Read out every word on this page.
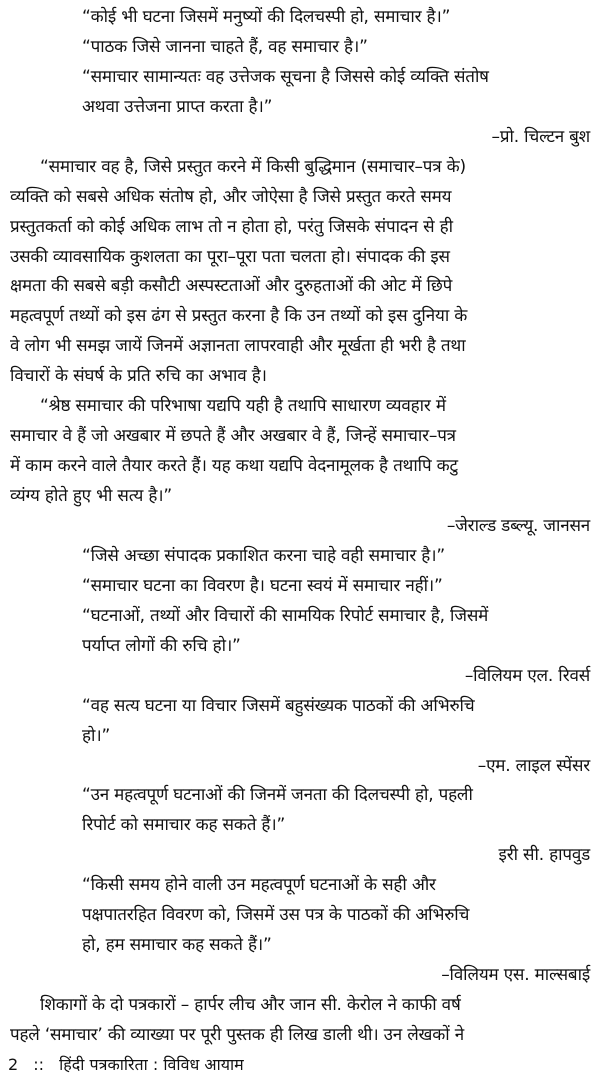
“कोई भी घटना जिसमें मनुष्यों की दिलचस्पी हो, समाचार है।”
“पाठक जिसे जानना चाहते हैं, वह समाचार है।”
“समाचार सामान्यतः वह उत्तेजक सूचना है जिससे कोई व्यक्ति संतोष
अथवा उत्तेजना प्राप्त करता है।”
–प्रो. चिल्टन बुश
“समाचार वह है, जिसे प्रस्तुत करने में किसी बुद्धिमान (समाचार–पत्र के)
व्यक्ति को सबसे अधिक संतोष हो, और जोऐसा है जिसे प्रस्तुत करते समय
प्रस्तुतकर्ता को कोई अधिक लाभ तो न होता हो, परंतु जिसके संपादन से ही
उसकी व्यावसायिक कुशलता का पूरा–पूरा पता चलता हो। संपादक की इस
क्षमता की सबसे बड़ी कसौटी अस्पस्टताओं और दुरुहताओं की ओट में छिपे
महत्वपूर्ण तथ्यों को इस ढंग से प्रस्तुत करना है कि उन तथ्यों को इस दुनिया के
वे लोग भी समझ जायें जिनमें अज्ञानता लापरवाही और मूर्खता ही भरी है तथा
विचारों के संघर्ष के प्रति रुचि का अभाव है।
“श्रेष्ठ समाचार की परिभाषा यद्यपि यही है तथापि साधारण व्यवहार में
समाचार वे हैं जो अखबार में छपते हैं और अखबार वे हैं, जिन्हें समाचार–पत्र
में काम करने वाले तैयार करते हैं। यह कथा यद्यपि वेदनामूलक है तथापि कटु
व्यंग्य होते हुए भी सत्य है।”
–जेराल्ड डब्ल्यू. जानसन
“जिसे अच्छा संपादक प्रकाशित करना चाहे वही समाचार है।”
“समाचार घटना का विवरण है। घटना स्वयं में समाचार नहीं।”
“घटनाओं, तथ्यों और विचारों की सामयिक रिपोर्ट समाचार है, जिसमें
पर्याप्त लोगों की रुचि हो।”
–विलियम एल. रिवर्स
“वह सत्य घटना या विचार जिसमें बहुसंख्यक पाठकों की अभिरुचि
हो।”
–एम. लाइल स्पेंसर
“उन महत्वपूर्ण घटनाओं की जिनमें जनता की दिलचस्पी हो, पहली
रिपोर्ट को समाचार कह सकते हैं।”
इरी सी. हापवुड
“किसी समय होने वाली उन महत्वपूर्ण घटनाओं के सही और
पक्षपातरहित विवरण को, जिसमें उस पत्र के पाठकों की अभिरुचि
हो, हम समाचार कह सकते हैं।”
–विलियम एस. माल्सबाई
शिकागों के दो पत्रकारों – हार्पर लीच और जान सी. केरोल ने काफी वर्ष
पहले ‘समाचार’ की व्याख्या पर पूरी पुस्तक ही लिख डाली थी। उन लेखकों ने
2 :: हिंदी पत्रकारिता : विविध आयाम
